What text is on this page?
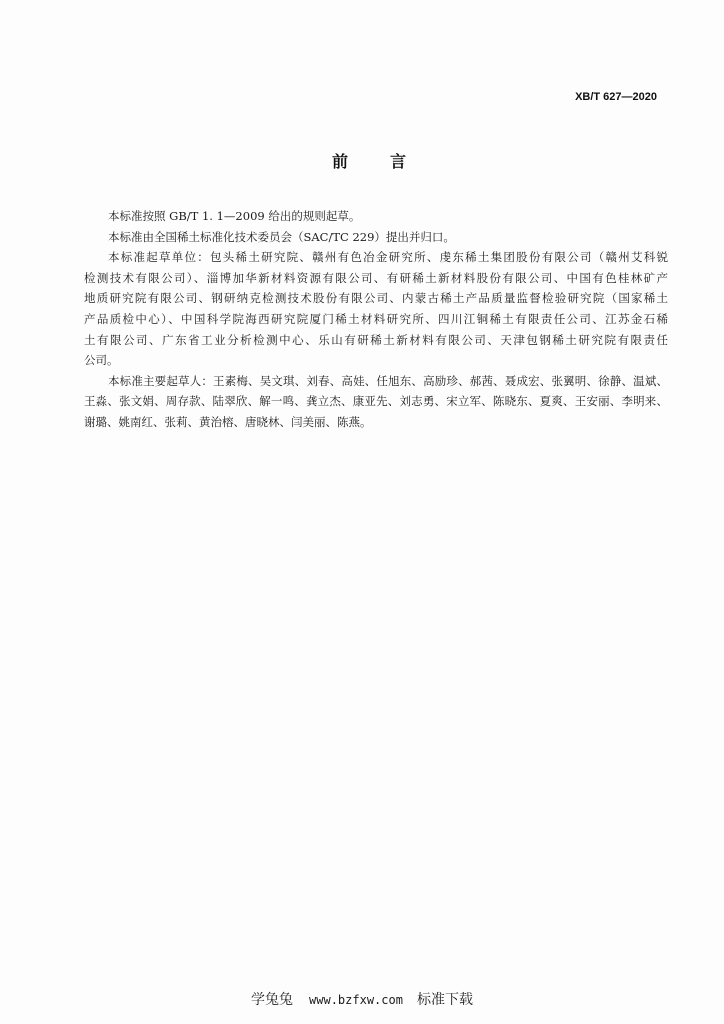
XB/T 627—2020
前　言
本标准按照 GB/T 1. 1—2009 给出的规则起草。
本标准由全国稀土标准化技术委员会（SAC/TC 229）提出并归口。
本标准起草单位：包头稀土研究院、赣州有色冶金研究所、虔东稀土集团股份有限公司（赣州艾科锐
检测技术有限公司）、淄博加华新材料资源有限公司、有研稀土新材料股份有限公司、中国有色桂林矿产
地质研究院有限公司、钢研纳克检测技术股份有限公司、内蒙古稀土产品质量监督检验研究院（国家稀土
产品质检中心）、中国科学院海西研究院厦门稀土材料研究所、四川江铜稀土有限责任公司、江苏金石稀
土有限公司、广东省工业分析检测中心、乐山有研稀土新材料有限公司、天津包钢稀土研究院有限责任
公司。
本标准主要起草人：王素梅、吴文琪、刘春、高娃、任旭东、高励珍、郝茜、聂成宏、张翼明、徐静、温斌、
王淼、张文娟、周存款、陆翠欣、解一鸣、龚立杰、康亚先、刘志勇、宋立军、陈晓东、夏爽、王安丽、李明来、
谢璐、姚南红、张莉、黄治榕、唐晓林、闫美丽、陈燕。
学兔兔 www.bzfxw.com 标准下载
